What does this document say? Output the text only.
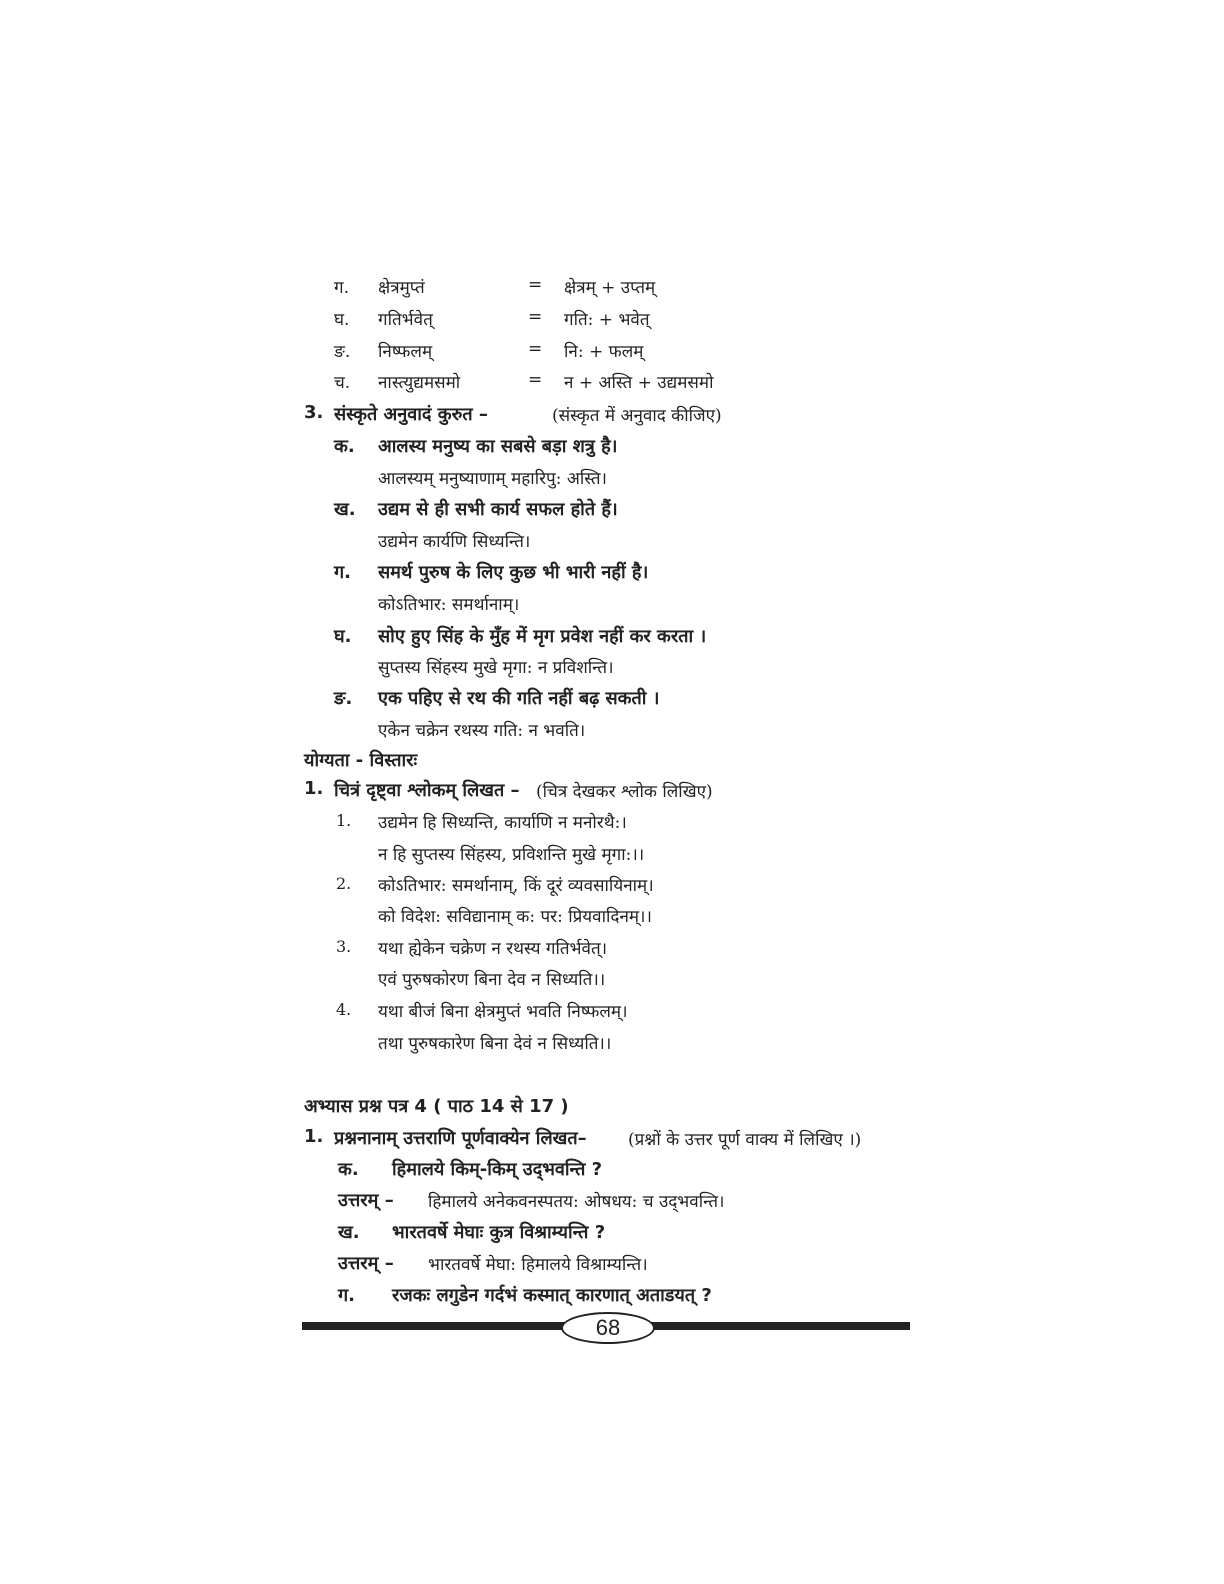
ग. क्षेत्रमुप्तं	= क्षेत्रम् + उप्तम्
घ. गतिर्भवेत्	= गति: + भवेत्
ङ. निष्फलम्	= नि: + फलम्
च. नास्त्युद्यमसमो	= न + अस्ति + उद्यमसमो
3. संस्कृते अनुवादं कुरुत –	(संस्कृत में अनुवाद कीजिए)
क. आलस्य मनुष्य का सबसे बड़ा शत्रु है।
आलस्यम् मनुष्याणाम् महारिपु: अस्ति।
ख. उद्यम से ही सभी कार्य सफल होते हैं।
उद्यमेन कार्यणि सिध्यन्ति।
ग. समर्थ पुरुष के लिए कुछ भी भारी नहीं है।
कोऽतिभार: समर्थानाम्।
घ. सोए हुए सिंह के मुँह में मृग प्रवेश नहीं कर करता ।
सुप्तस्य सिंहस्य मुखे मृगा: न प्रविशन्ति।
ङ. एक पहिए से रथ की गति नहीं बढ़ सकती ।
एकेन चक्रेन रथस्य गति: न भवति।
योग्यता - विस्तारः
1. चित्रं दृष्ट्वा श्लोकम् लिखत – (चित्र देखकर श्लोक लिखिए)
1. उद्यमेन हि सिध्यन्ति, कार्याणि न मनोरथै:।
न हि सुप्तस्य सिंहस्य, प्रविशन्ति मुखे मृगा:।।
2. कोऽतिभार: समर्थानाम्, किं दूरं व्यवसायिनाम्।
को विदेश: सविद्यानाम् क: पर: प्रियवादिनम्।।
3. यथा ह्येकेन चक्रेण न रथस्य गतिर्भवेत्।
एवं पुरुषकोरण बिना देव न सिध्यति।।
4. यथा बीजं बिना क्षेत्रमुप्तं भवति निष्फलम्।
तथा पुरुषकारेण बिना देवं न सिध्यति।।
अभ्यास प्रश्न पत्र 4 ( पाठ 14 से 17 )
1. प्रश्ननानाम् उत्तराणि पूर्णवाक्येन लिखत– (प्रश्नों के उत्तर पूर्ण वाक्य में लिखिए ।)
क. हिमालये किम्-किम् उद्‌भवन्ति ?
उत्तरम् – हिमालये अनेकवनस्पतय: ओषधय: च उद्‌भवन्ति।
ख. भारतवर्षे मेघाः कुत्र विश्राम्यन्ति ?
उत्तरम् – भारतवर्षे मेघा: हिमालये विश्राम्यन्ति।
ग. रजकः लगुडेन गर्दभं कस्मात् कारणात् अताडयत् ?
68
